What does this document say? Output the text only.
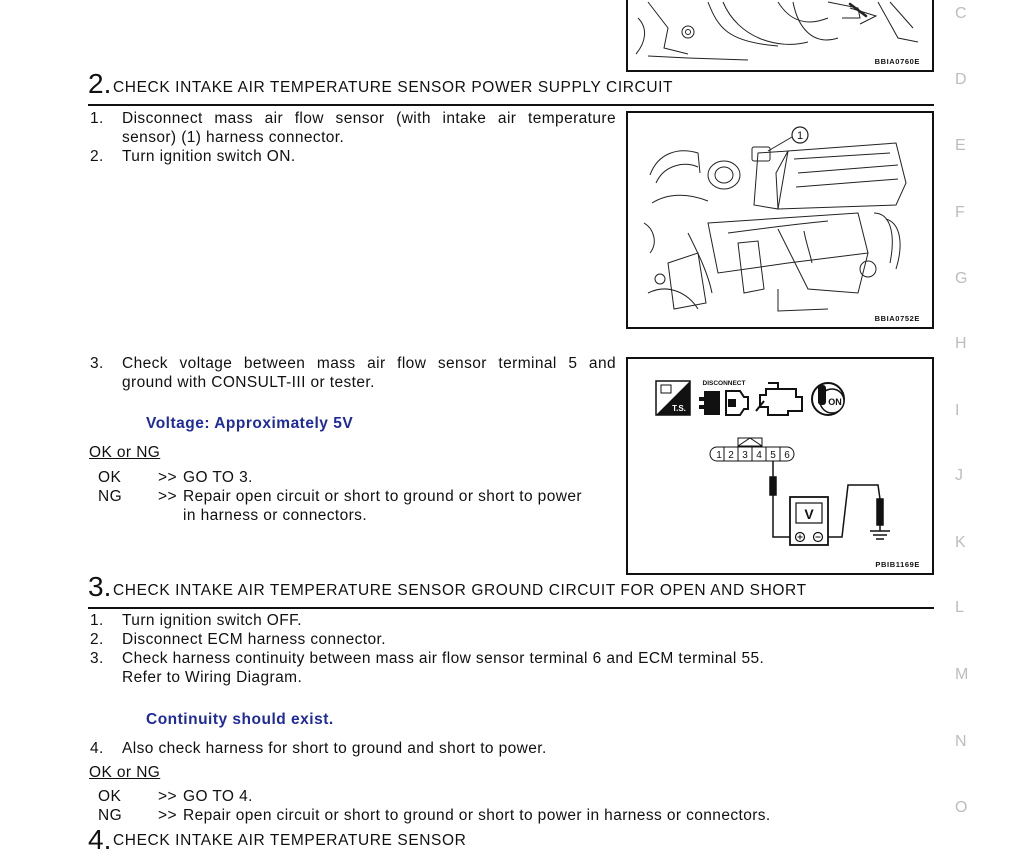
C
D
E
F
G
H
I
J
K
L
M
N
O
BBIA0760E
2. CHECK INTAKE AIR TEMPERATURE SENSOR POWER SUPPLY CIRCUIT
1.	Disconnect mass air flow sensor (with intake air temperature
sensor) (1) harness connector.
2.	Turn ignition switch ON.
1
BBIA0752E
3.	Check voltage between mass air flow sensor terminal 5 and
ground with CONSULT-III or tester.
Voltage: Approximately 5V
OK or NG
OK >> GO TO 3.
NG >> Repair open circuit or short to ground or short to power
in harness or connectors.
T.S.
DISCONNECT
ON
1 2 3 4 5 6
V
PBIB1169E
3. CHECK INTAKE AIR TEMPERATURE SENSOR GROUND CIRCUIT FOR OPEN AND SHORT
1.	Turn ignition switch OFF.
2.	Disconnect ECM harness connector.
3.	Check harness continuity between mass air flow sensor terminal 6 and ECM terminal 55.
Refer to Wiring Diagram.
Continuity should exist.
4.	Also check harness for short to ground and short to power.
OK or NG
OK >> GO TO 4.
NG >> Repair open circuit or short to ground or short to power in harness or connectors.
4. CHECK INTAKE AIR TEMPERATURE SENSOR
